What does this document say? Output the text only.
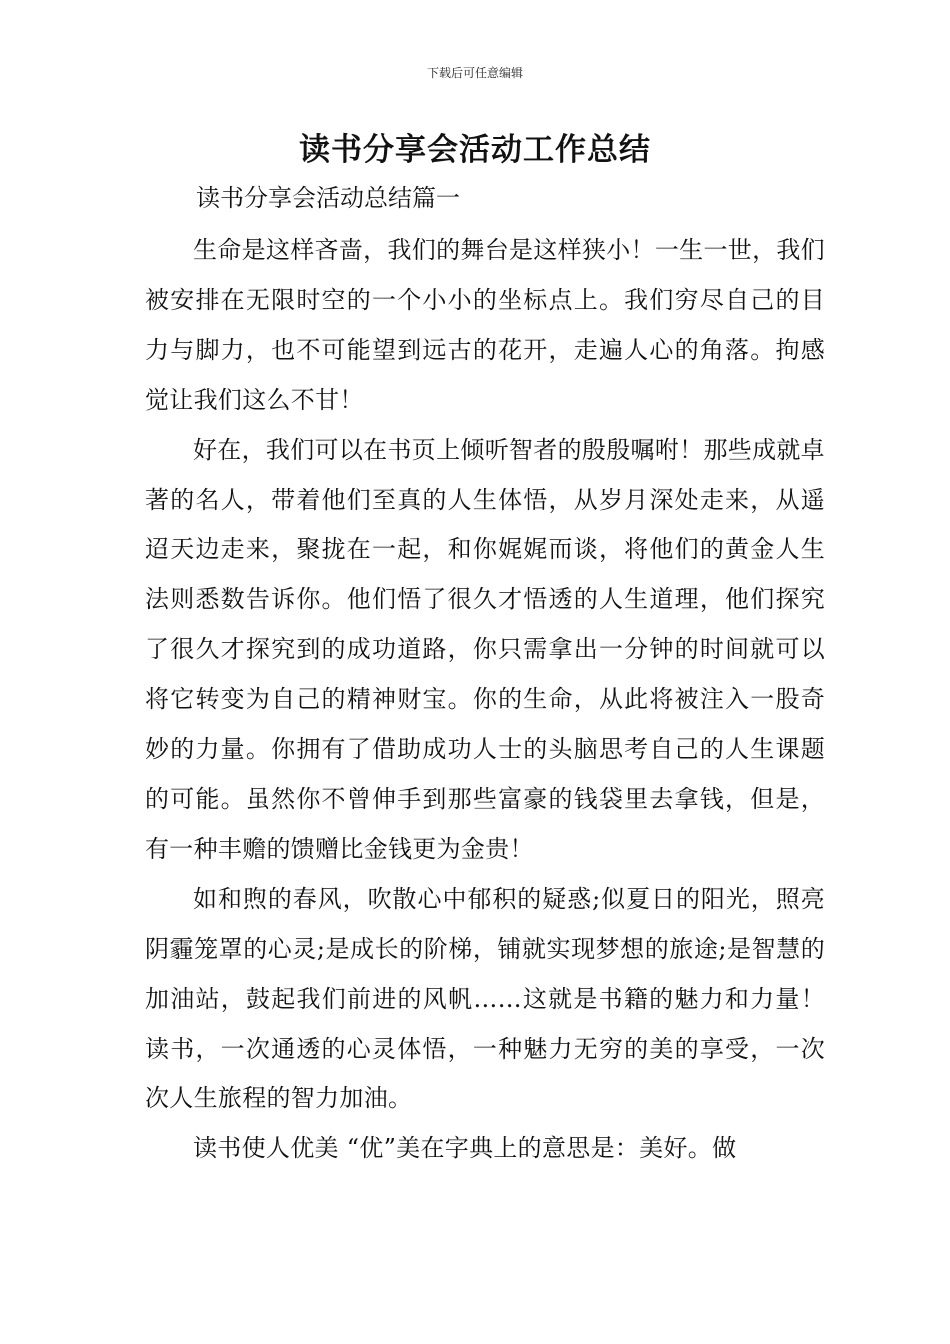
下载后可任意编辑
读书分享会活动工作总结
读书分享会活动总结篇一

生命是这样吝啬，我们的舞台是这样狭小！一生一世，我们被安排在无限时空的一个小小的坐标点上。我们穷尽自己的目力与脚力，也不可能望到远古的花开，走遍人心的角落。拘感觉让我们这么不甘！

好在，我们可以在书页上倾听智者的殷殷嘱咐！那些成就卓著的名人，带着他们至真的人生体悟，从岁月深处走来，从遥迢天边走来，聚拢在一起，和你娓娓而谈，将他们的黄金人生法则悉数告诉你。他们悟了很久才悟透的人生道理，他们探究了很久才探究到的成功道路，你只需拿出一分钟的时间就可以将它转变为自己的精神财宝。你的生命，从此将被注入一股奇妙的力量。你拥有了借助成功人士的头脑思考自己的人生课题的可能。虽然你不曾伸手到那些富豪的钱袋里去拿钱，但是，有一种丰赡的馈赠比金钱更为金贵！

如和煦的春风，吹散心中郁积的疑惑;似夏日的阳光，照亮阴霾笼罩的心灵;是成长的阶梯，铺就实现梦想的旅途;是智慧的加油站，鼓起我们前进的风帆……这就是书籍的魅力和力量！读书，一次通透的心灵体悟，一种魅力无穷的美的享受，一次次人生旅程的智力加油。

读书使人优美 “优”美在字典上的意思是：美好。做
